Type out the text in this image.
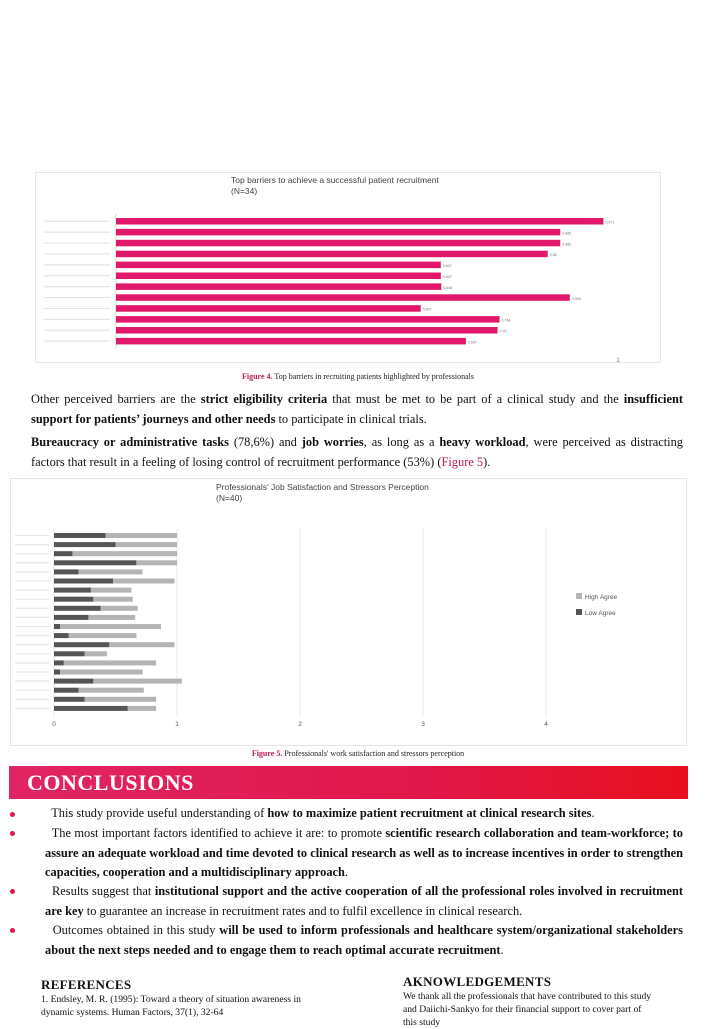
Top barriers to achieve a successful patient recruitment
(N=34)
0.971
0.885
0.885
0.86
0.647
0.647
0.648
0.904
0.607
0.764
0.76
0.697
1
Figure 4. Top barriers in recruiting patients highlighted by professionals
Other perceived barriers are the strict eligibility criteria that must be met to be part of a clinical study and the insufficient support for patients’ journeys and other needs to participate in clinical trials.
Bureaucracy or administrative tasks (78,6%) and job worries, as long as a heavy workload, were perceived as distracting factors that result in a feeling of losing control of recruitment performance (53%) (Figure 5).
Professionals' Job Satisfaction and Stressors Perception
(N=40)
0	1	2	3	4
High Agree
Low Agree
Figure 5. Professionals' work satisfaction and stressors perception
CONCLUSIONS
This study provide useful understanding of how to maximize patient recruitment at clinical research sites.
The most important factors identified to achieve it are: to promote scientific research collaboration and team-workforce; to assure an adequate workload and time devoted to clinical research as well as to increase incentives in order to strengthen capacities, cooperation and a multidisciplinary approach.
Results suggest that institutional support and the active cooperation of all the professional roles involved in recruitment are key to guarantee an increase in recruitment rates and to fulfil excellence in clinical research.
Outcomes obtained in this study will be used to inform professionals and healthcare system/organizational stakeholders about the next steps needed and to engage them to reach optimal accurate recruitment.
REFERENCES
1. Endsley, M. R. (1995): Toward a theory of situation awareness in
dynamic systems. Human Factors, 37(1), 32-64
AKNOWLEDGEMENTS
We thank all the professionals that have contributed to this study
and Daiichi-Sankyo for their financial support to cover part of
this study
